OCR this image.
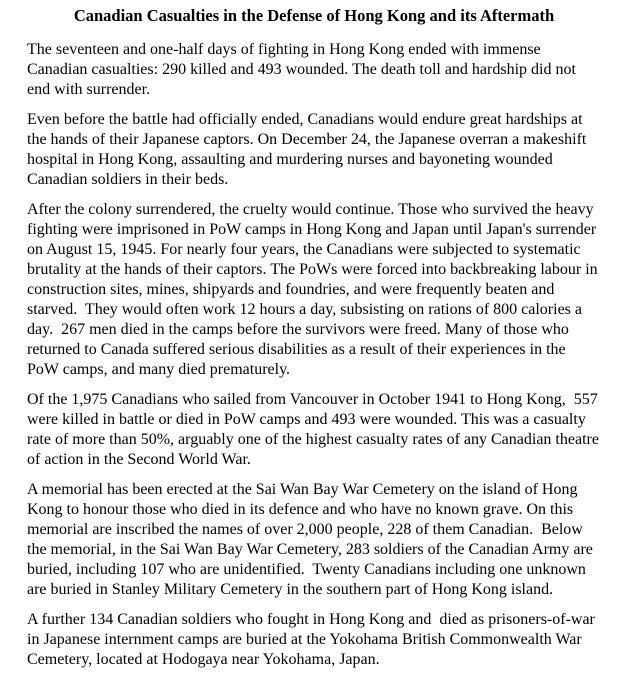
Canadian Casualties in the Defense of Hong Kong and its Aftermath

The seventeen and one-half days of fighting in Hong Kong ended with immense Canadian casualties: 290 killed and 493 wounded. The death toll and hardship did not end with surrender.

Even before the battle had officially ended, Canadians would endure great hardships at the hands of their Japanese captors. On December 24, the Japanese overran a makeshift hospital in Hong Kong, assaulting and murdering nurses and bayoneting wounded Canadian soldiers in their beds.

After the colony surrendered, the cruelty would continue. Those who survived the heavy fighting were imprisoned in PoW camps in Hong Kong and Japan until Japan's surrender on August 15, 1945. For nearly four years, the Canadians were subjected to systematic brutality at the hands of their captors. The PoWs were forced into backbreaking labour in construction sites, mines, shipyards and foundries, and were frequently beaten and starved.  They would often work 12 hours a day, subsisting on rations of 800 calories a day.  267 men died in the camps before the survivors were freed. Many of those who returned to Canada suffered serious disabilities as a result of their experiences in the PoW camps, and many died prematurely.

Of the 1,975 Canadians who sailed from Vancouver in October 1941 to Hong Kong,  557 were killed in battle or died in PoW camps and 493 were wounded. This was a casualty rate of more than 50%, arguably one of the highest casualty rates of any Canadian theatre of action in the Second World War.

A memorial has been erected at the Sai Wan Bay War Cemetery on the island of Hong Kong to honour those who died in its defence and who have no known grave. On this memorial are inscribed the names of over 2,000 people, 228 of them Canadian.  Below the memorial, in the Sai Wan Bay War Cemetery, 283 soldiers of the Canadian Army are buried, including 107 who are unidentified.  Twenty Canadians including one unknown are buried in Stanley Military Cemetery in the southern part of Hong Kong island.

A further 134 Canadian soldiers who fought in Hong Kong and  died as prisoners-of-war in Japanese internment camps are buried at the Yokohama British Commonwealth War Cemetery, located at Hodogaya near Yokohama, Japan.
